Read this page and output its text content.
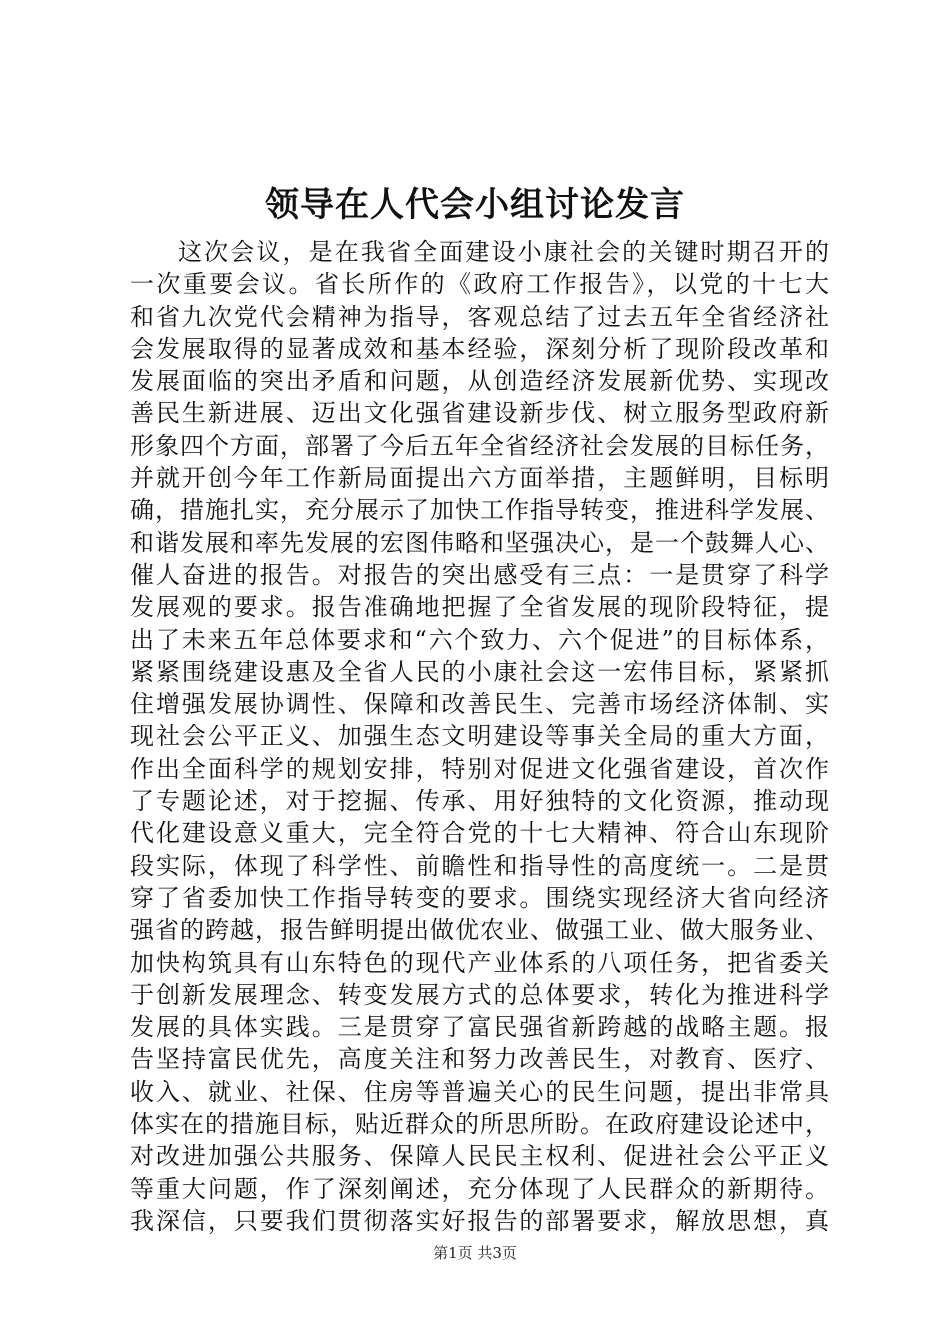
领导在人代会小组讨论发言
这次会议，是在我省全面建设小康社会的关键时期召开的
一次重要会议。省长所作的《政府工作报告》，以党的十七大
和省九次党代会精神为指导，客观总结了过去五年全省经济社
会发展取得的显著成效和基本经验，深刻分析了现阶段改革和
发展面临的突出矛盾和问题，从创造经济发展新优势、实现改
善民生新进展、迈出文化强省建设新步伐、树立服务型政府新
形象四个方面，部署了今后五年全省经济社会发展的目标任务，
并就开创今年工作新局面提出六方面举措，主题鲜明，目标明
确，措施扎实，充分展示了加快工作指导转变，推进科学发展、
和谐发展和率先发展的宏图伟略和坚强决心，是一个鼓舞人心、
催人奋进的报告。对报告的突出感受有三点：一是贯穿了科学
发展观的要求。报告准确地把握了全省发展的现阶段特征，提
出了未来五年总体要求和“六个致力、六个促进”的目标体系，
紧紧围绕建设惠及全省人民的小康社会这一宏伟目标，紧紧抓
住增强发展协调性、保障和改善民生、完善市场经济体制、实
现社会公平正义、加强生态文明建设等事关全局的重大方面，
作出全面科学的规划安排，特别对促进文化强省建设，首次作
了专题论述，对于挖掘、传承、用好独特的文化资源，推动现
代化建设意义重大，完全符合党的十七大精神、符合山东现阶
段实际，体现了科学性、前瞻性和指导性的高度统一。二是贯
穿了省委加快工作指导转变的要求。围绕实现经济大省向经济
强省的跨越，报告鲜明提出做优农业、做强工业、做大服务业、
加快构筑具有山东特色的现代产业体系的八项任务，把省委关
于创新发展理念、转变发展方式的总体要求，转化为推进科学
发展的具体实践。三是贯穿了富民强省新跨越的战略主题。报
告坚持富民优先，高度关注和努力改善民生，对教育、医疗、
收入、就业、社保、住房等普遍关心的民生问题，提出非常具
体实在的措施目标，贴近群众的所思所盼。在政府建设论述中，
对改进加强公共服务、保障人民民主权利、促进社会公平正义
等重大问题，作了深刻阐述，充分体现了人民群众的新期待。
我深信，只要我们贯彻落实好报告的部署要求，解放思想，真
第1页 共3页
